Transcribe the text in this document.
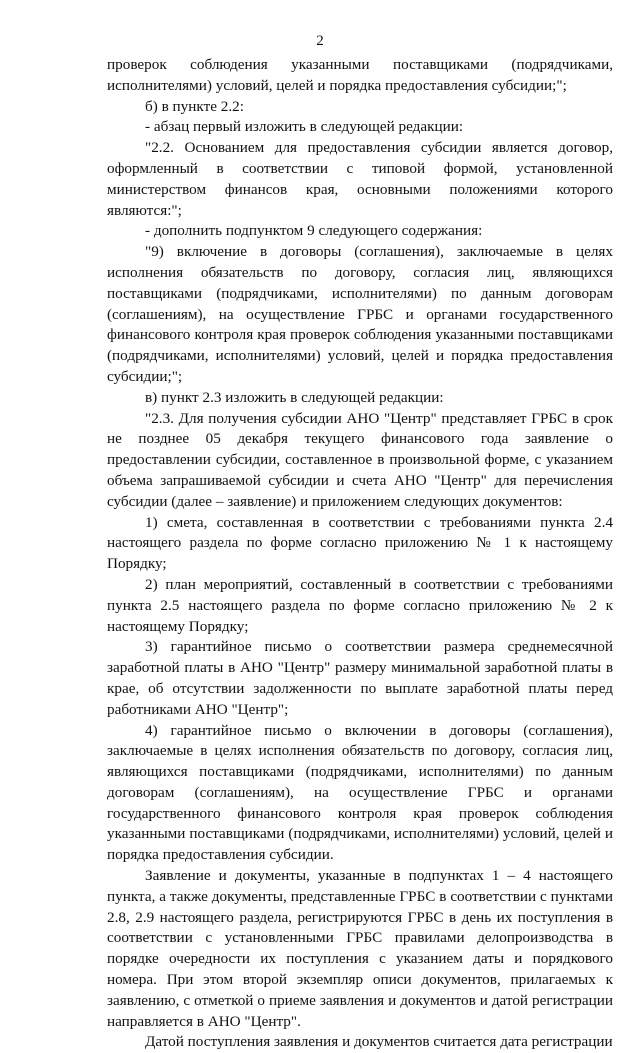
2

проверок соблюдения указанными поставщиками (подрядчиками, исполнителями) условий, целей и порядка предоставления субсидии;";

б) в пункте 2.2:

- абзац первый изложить в следующей редакции:

"2.2. Основанием для предоставления субсидии является договор, оформленный в соответствии с типовой формой, установленной министерством финансов края, основными положениями которого являются:";

- дополнить подпунктом 9 следующего содержания:

"9) включение в договоры (соглашения), заключаемые в целях исполнения обязательств по договору, согласия лиц, являющихся поставщиками (подрядчиками, исполнителями) по данным договорам (соглашениям), на осуществление ГРБС и органами государственного финансового контроля края проверок соблюдения указанными поставщиками (подрядчиками, исполнителями) условий, целей и порядка предоставления субсидии;";

в) пункт 2.3 изложить в следующей редакции:

"2.3. Для получения субсидии АНО "Центр" представляет ГРБС в срок не позднее 05 декабря текущего финансового года заявление о предоставлении субсидии, составленное в произвольной форме, с указанием объема запрашиваемой субсидии и счета АНО "Центр" для перечисления субсидии (далее – заявление) и приложением следующих документов:

1) смета, составленная в соответствии с требованиями пункта 2.4 настоящего раздела по форме согласно приложению № 1 к настоящему Порядку;

2) план мероприятий, составленный в соответствии с требованиями пункта 2.5 настоящего раздела по форме согласно приложению № 2 к настоящему Порядку;

3) гарантийное письмо о соответствии размера среднемесячной заработной платы в АНО "Центр" размеру минимальной заработной платы в крае, об отсутствии задолженности по выплате заработной платы перед работниками АНО "Центр";

4) гарантийное письмо о включении в договоры (соглашения), заключаемые в целях исполнения обязательств по договору, согласия лиц, являющихся поставщиками (подрядчиками, исполнителями) по данным договорам (соглашениям), на осуществление ГРБС и органами государственного финансового контроля края проверок соблюдения указанными поставщиками (подрядчиками, исполнителями) условий, целей и порядка предоставления субсидии.

Заявление и документы, указанные в подпунктах 1 – 4 настоящего пункта, а также документы, представленные ГРБС в соответствии с пунктами 2.8, 2.9 настоящего раздела, регистрируются ГРБС в день их поступления в соответствии с установленными ГРБС правилами делопроизводства в порядке очередности их поступления с указанием даты и порядкового номера. При этом второй экземпляр описи документов, прилагаемых к заявлению, с отметкой о приеме заявления и документов и датой регистрации направляется в АНО "Центр".

Датой поступления заявления и документов считается дата регистрации
